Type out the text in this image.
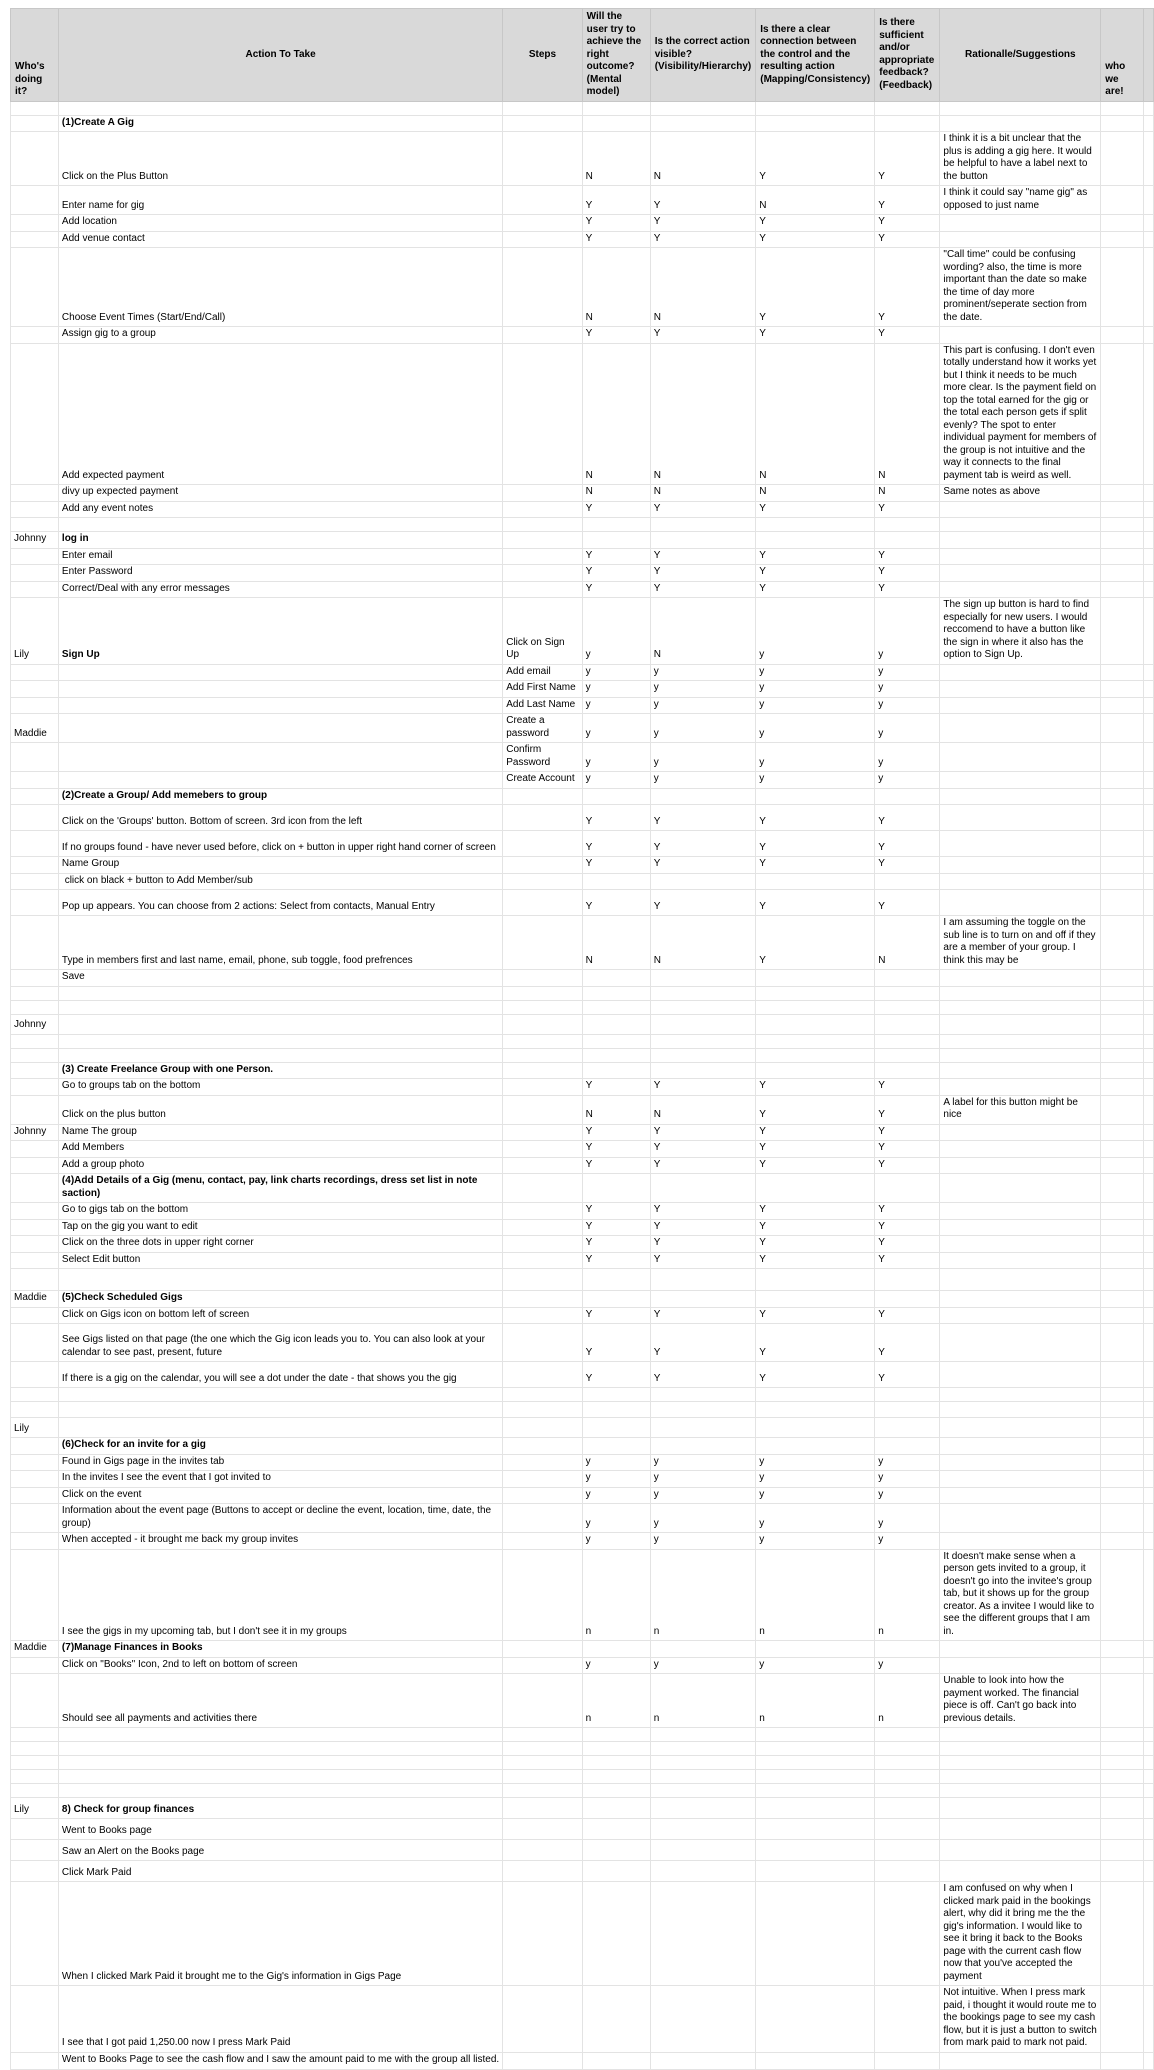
Who's doing it?	Action To Take	Steps	Will the user try to achieve the right outcome? (Mental model)	Is the correct action visible? (Visibility/Hierarchy)	Is there a clear connection between the control and the resulting action (Mapping/Consistency)	Is there sufficient and/or appropriate feedback? (Feedback)	Rationalle/Suggestions	who we are!	

	(1)Create A Gig								
	Click on the Plus Button		N	N	Y	Y	I think it is a bit unclear that the plus is adding a gig here. It would be helpful to have a label next to the button		
	Enter name for gig		Y	Y	N	Y	I think it could say "name gig" as opposed to just name		
	Add location		Y	Y	Y	Y			
	Add venue contact		Y	Y	Y	Y			
	Choose Event Times (Start/End/Call)		N	N	Y	Y	"Call time" could be confusing wording? also, the time is more important than the date so make the time of day more prominent/seperate section from the date.		
	Assign gig to a group		Y	Y	Y	Y			
	Add expected payment		N	N	N	N	This part is confusing. I don't even totally understand how it works yet but I think it needs to be much more clear. Is the payment field on top the total earned for the gig or the total each person gets if split evenly? The spot to enter individual payment for members of the group is not intuitive and the way it connects to the final payment tab is weird as well.		
	divy up expected payment		N	N	N	N	Same notes as above		
	Add any event notes		Y	Y	Y	Y			

Johnny	log in								
	Enter email		Y	Y	Y	Y			
	Enter Password		Y	Y	Y	Y			
	Correct/Deal with any error messages		Y	Y	Y	Y			
Lily	Sign Up	Click on Sign Up	y	N	y	y	The sign up button is hard to find especially for new users. I would reccomend to have a button like the sign in where it also has the option to Sign Up.		
		Add email	y	y	y	y			
		Add First Name	y	y	y	y			
		Add Last Name	y	y	y	y			
Maddie		Create a password	y	y	y	y			
		Confirm Password	y	y	y	y			
		Create Account	y	y	y	y			
	(2)Create a Group/ Add memebers to group								
	Click on the 'Groups' button. Bottom of screen. 3rd icon from the left		Y	Y	Y	Y			
	If no groups found - have never used before, click on + button in upper right hand corner of screen		Y	Y	Y	Y			
	Name Group		Y	Y	Y	Y			
	click on black + button to Add Member/sub								
	Pop up appears. You can choose from 2 actions: Select from contacts, Manual Entry		Y	Y	Y	Y			
	Type in members first and last name, email, phone, sub toggle, food prefrences		N	N	Y	N	I am assuming the toggle on the sub line is to turn on and off if they are a member of your group. I think this may be		
	Save								

Johnny									

	(3) Create Freelance Group with one Person.								
	Go to groups tab on the bottom		Y	Y	Y	Y			
	Click on the plus button		N	N	Y	Y	A label for this button might be nice		
Johnny	Name The group		Y	Y	Y	Y			
	Add Members		Y	Y	Y	Y			
	Add a group photo		Y	Y	Y	Y			
	(4)Add Details of a Gig (menu, contact, pay, link charts recordings, dress set list in note saction)								
	Go to gigs tab on the bottom		Y	Y	Y	Y			
	Tap on the gig you want to edit		Y	Y	Y	Y			
	Click on the three dots in upper right corner		Y	Y	Y	Y			
	Select Edit button		Y	Y	Y	Y			

Maddie	(5)Check Scheduled Gigs								
	Click on Gigs icon on bottom left of screen		Y	Y	Y	Y			
	See Gigs listed on that page (the one which the Gig icon leads you to. You can also look at your calendar to see past, present, future		Y	Y	Y	Y			
	If there is a gig on the calendar, you will see a dot under the date - that shows you the gig		Y	Y	Y	Y			

Lily									
	(6)Check for an invite for a gig								
	Found in Gigs page in the invites tab		y	y	y	y			
	In the invites I see the event that I got invited to		y	y	y	y			
	Click on the event		y	y	y	y			
	Information about the event page (Buttons to accept or decline the event, location, time, date, the group)		y	y	y	y			
	When accepted - it brought me back my group invites		y	y	y	y			
	I see the gigs in my upcoming tab, but I don't see it in my groups		n	n	n	n	It doesn't make sense when a person gets invited to a group, it doesn't go into the invitee's group tab, but it shows up for the group creator. As a invitee I would like to see the different groups that I am in.		
Maddie	(7)Manage Finances in Books								
	Click on "Books" Icon, 2nd to left on bottom of screen		y	y	y	y			
	Should see all payments and activities there		n	n	n	n	Unable to look into how the payment worked. The financial piece is off. Can't go back into previous details.		

Lily	8) Check for group finances								
	Went to Books page								
	Saw an Alert on the Books page								
	Click Mark Paid								
	When I clicked Mark Paid it brought me to the Gig's information in Gigs Page						I am confused on why when I clicked mark paid in the bookings alert, why did it bring me the the gig's information. I would like to see it bring it back to the Books page with the current cash flow now that you've accepted the payment		
	I see that I got paid 1,250.00 now I press Mark Paid						Not intuitive. When I press mark paid, i thought it would route me to the bookings page to see my cash flow, but it is just a button to switch from mark paid to mark not paid.		
	Went to Books Page to see the cash flow and I saw the amount paid to me with the group all listed.								
